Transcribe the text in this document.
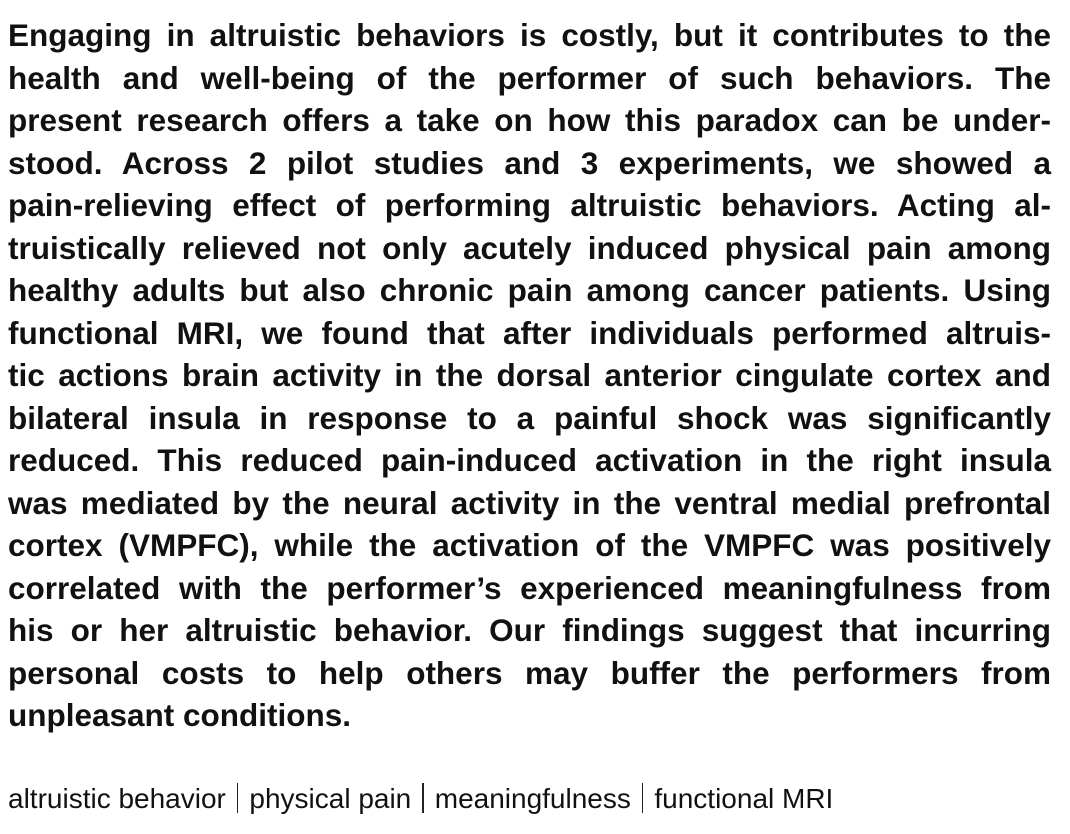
Engaging in altruistic behaviors is costly, but it contributes to the
health and well-being of the performer of such behaviors. The
present research offers a take on how this paradox can be under-
stood. Across 2 pilot studies and 3 experiments, we showed a
pain-relieving effect of performing altruistic behaviors. Acting al-
truistically relieved not only acutely induced physical pain among
healthy adults but also chronic pain among cancer patients. Using
functional MRI, we found that after individuals performed altruis-
tic actions brain activity in the dorsal anterior cingulate cortex and
bilateral insula in response to a painful shock was significantly
reduced. This reduced pain-induced activation in the right insula
was mediated by the neural activity in the ventral medial prefrontal
cortex (VMPFC), while the activation of the VMPFC was positively
correlated with the performer’s experienced meaningfulness from
his or her altruistic behavior. Our findings suggest that incurring
personal costs to help others may buffer the performers from
unpleasant conditions.
altruistic behavior physical pain meaningfulness functional MRI
